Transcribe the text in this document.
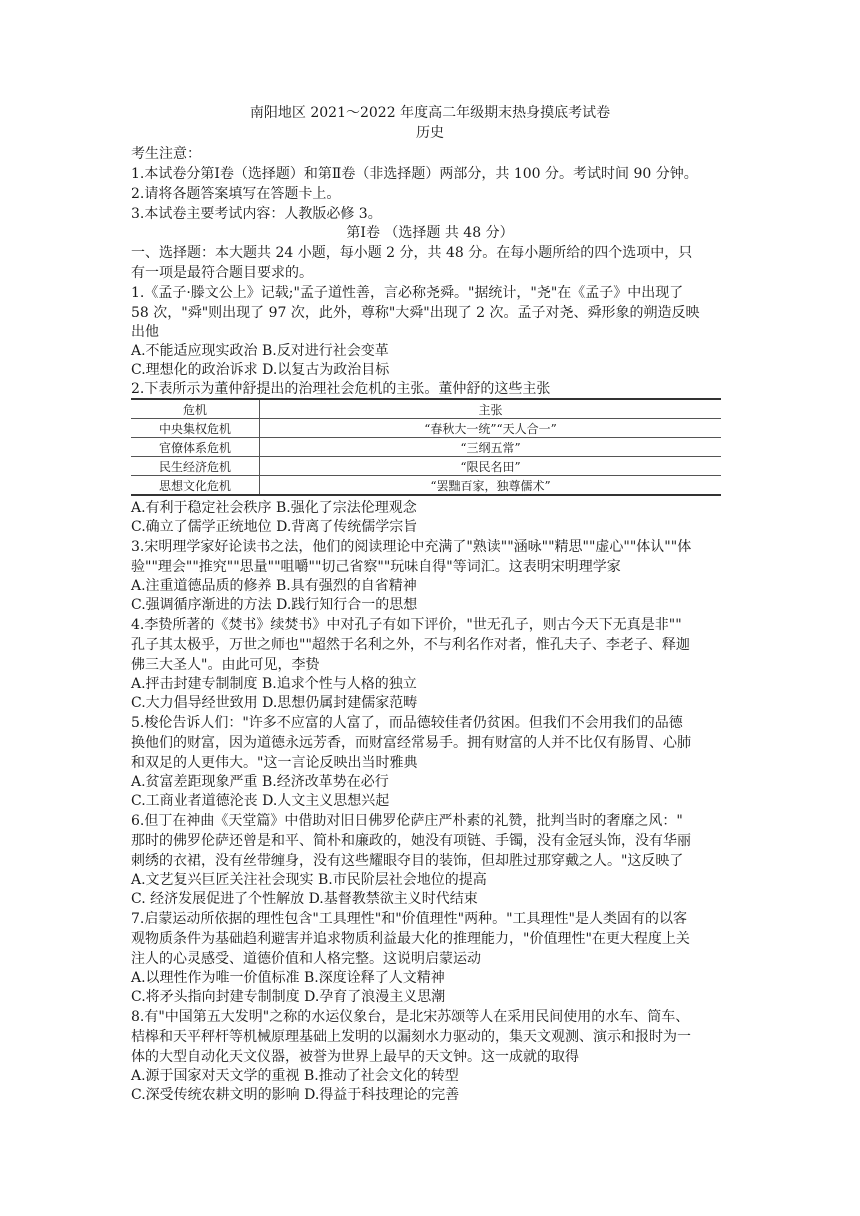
南阳地区 2021～2022 年度高二年级期末热身摸底考试卷
历史
考生注意：
1.本试卷分第Ⅰ卷（选择题）和第Ⅱ卷（非选择题）两部分，共 100 分。考试时间 90 分钟。
2.请将各题答案填写在答题卡上。
3.本试卷主要考试内容：人教版必修 3。
第Ⅰ卷 （选择题 共 48 分）
一、选择题：本大题共 24 小题，每小题 2 分，共 48 分。在每小题所给的四个选项中，只
有一项是最符合题目要求的。
1.《孟子·滕文公上》记载;"孟子道性善，言必称尧舜。"据统计，"尧"在《孟子》中出现了
58 次，"舜"则出现了 97 次，此外，尊称"大舜"出现了 2 次。孟子对尧、舜形象的朔造反映
出他
A.不能适应现实政治 B.反对进行社会变革
C.理想化的政治诉求 D.以复古为政治目标
2.下表所示为董仲舒提出的治理社会危机的主张。董仲舒的这些主张
危机	主张
中央集权危机	“春秋大一统”“天人合一”
官僚体系危机	“三纲五常”
民生经济危机	“限民名田”
思想文化危机	“罢黜百家，独尊儒术”
A.有利于稳定社会秩序 B.强化了宗法伦理观念
C.确立了儒学正统地位 D.背离了传统儒学宗旨
3.宋明理学家好论读书之法，他们的阅读理论中充满了"熟读""涵咏""精思""虚心""体认""体
验""理会""推究""思量""咀嚼""切己省察""玩味自得"等词汇。这表明宋明理学家
A.注重道德品质的修养 B.具有强烈的自省精神
C.强调循序渐进的方法 D.践行知行合一的思想
4.李贽所著的《焚书》续焚书》中对孔子有如下评价，"世无孔子，则古今天下无真是非""
孔子其太极乎，万世之师也""超然于名利之外，不与利名作对者，惟孔夫子、李老子、释迦
佛三大圣人"。由此可见，李贽
A.抨击封建专制制度 B.追求个性与人格的独立
C.大力倡导经世致用 D.思想仍属封建儒家范畴
5.梭伦告诉人们："许多不应富的人富了，而品德较佳者仍贫困。但我们不会用我们的品德
换他们的财富，因为道德永远芳香，而财富经常易手。拥有财富的人并不比仅有肠胃、心肺
和双足的人更伟大。"这一言论反映出当时雅典
A.贫富差距现象严重 B.经济改革势在必行
C.工商业者道德沦丧 D.人文主义思想兴起
6.但丁在神曲《天堂篇》中借助对旧日佛罗伦萨庄严朴素的礼赞，批判当时的奢靡之风："
那时的佛罗伦萨还曾是和平、简朴和廉政的，她没有项链、手镯，没有金冠头饰，没有华丽
刺绣的衣裙，没有丝带缠身，没有这些耀眼夺目的装饰，但却胜过那穿戴之人。"这反映了
A.文艺复兴巨匠关注社会现实 B.市民阶层社会地位的提高
C. 经济发展促进了个性解放 D.基督教禁欲主义时代结束
7.启蒙运动所依据的理性包含"工具理性"和"价值理性"两种。"工具理性"是人类固有的以客
观物质条件为基础趋利避害并追求物质利益最大化的推理能力，"价值理性"在更大程度上关
注人的心灵感受、道德价值和人格完整。这说明启蒙运动
A.以理性作为唯一价值标准 B.深度诠释了人文精神
C.将矛头指向封建专制制度 D.孕育了浪漫主义思潮
8.有"中国第五大发明"之称的水运仪象台，是北宋苏颂等人在采用民间使用的水车、筒车、
桔槔和天平秤杆等机械原理基础上发明的以漏刻水力驱动的，集天文观测、演示和报时为一
体的大型自动化天文仪器，被誉为世界上最早的天文钟。这一成就的取得
A.源于国家对天文学的重视 B.推动了社会文化的转型
C.深受传统农耕文明的影响 D.得益于科技理论的完善
